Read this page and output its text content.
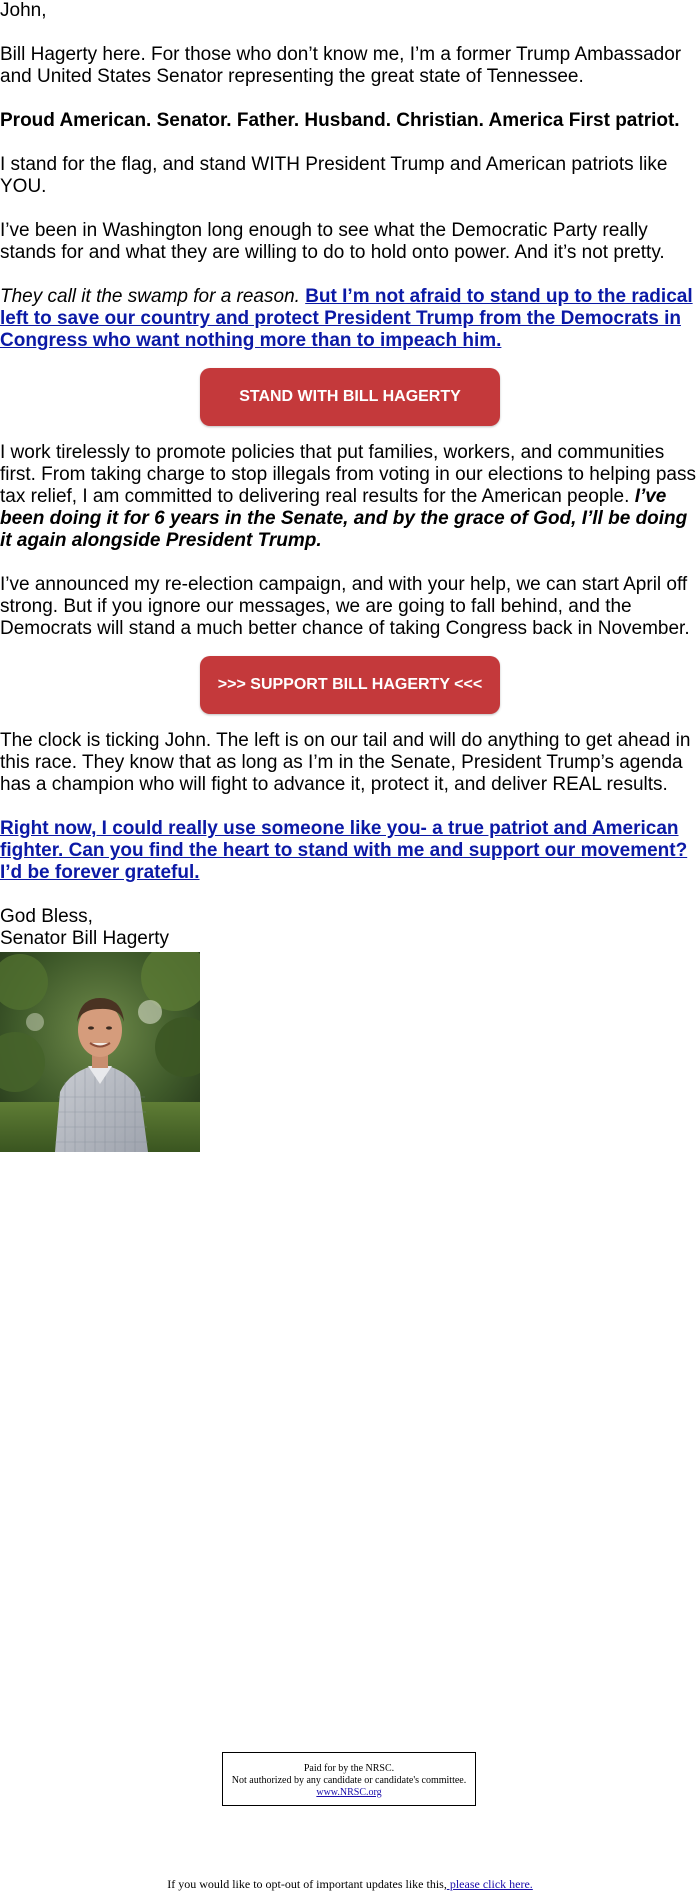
John,

Bill Hagerty here. For those who don’t know me, I’m a former Trump Ambassador and United States Senator representing the great state of Tennessee.

Proud American. Senator. Father. Husband. Christian. America First patriot.

I stand for the flag, and stand WITH President Trump and American patriots like YOU.

I’ve been in Washington long enough to see what the Democratic Party really stands for and what they are willing to do to hold onto power. And it’s not pretty.

They call it the swamp for a reason. But I’m not afraid to stand up to the radical left to save our country and protect President Trump from the Democrats in Congress who want nothing more than to impeach him.

STAND WITH BILL HAGERTY

I work tirelessly to promote policies that put families, workers, and communities first. From taking charge to stop illegals from voting in our elections to helping pass tax relief, I am committed to delivering real results for the American people. I’ve been doing it for 6 years in the Senate, and by the grace of God, I’ll be doing it again alongside President Trump.

I’ve announced my re-election campaign, and with your help, we can start April off strong. But if you ignore our messages, we are going to fall behind, and the Democrats will stand a much better chance of taking Congress back in November.

>>> SUPPORT BILL HAGERTY <<<

The clock is ticking John. The left is on our tail and will do anything to get ahead in this race. They know that as long as I’m in the Senate, President Trump’s agenda has a champion who will fight to advance it, protect it, and deliver REAL results.

Right now, I could really use someone like you- a true patriot and American fighter. Can you find the heart to stand with me and support our movement? I’d be forever grateful.

God Bless,

Senator Bill Hagerty

Paid for by the NRSC.
Not authorized by any candidate or candidate's committee.
www.NRSC.org
If you would like to opt-out of important updates like this, please click here.
